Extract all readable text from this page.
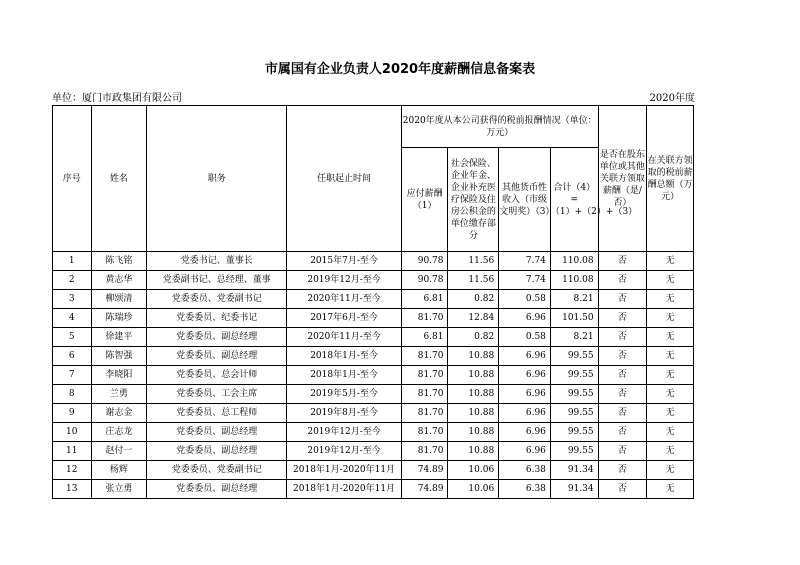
市属国有企业负责人2020年度薪酬信息备案表
单位：厦门市政集团有限公司	2020年度
序号	姓名	职务	任职起止时间	2020年度从本公司获得的税前报酬情况（单位：万元）				是否在股东单位或其他关联方领取薪酬（是/否）	在关联方领取的税前薪酬总额（万元）
				应付薪酬（1）	社会保险、企业年金、企业补充医疗保险及住房公积金的单位缴存部分	其他货币性收入（市级文明奖）（3）	合计（4）=（1）+（2）+（3）		
1	陈飞铭	党委书记、董事长	2015年7月-至今	90.78	11.56	7.74	110.08	否	无
2	黄志华	党委副书记、总经理、董事	2019年12月-至今	90.78	11.56	7.74	110.08	否	无
3	柳颂清	党委委员、党委副书记	2020年11月-至今	6.81	0.82	0.58	8.21	否	无
4	陈瑞珍	党委委员、纪委书记	2017年6月-至今	81.70	12.84	6.96	101.50	否	无
5	徐建平	党委委员、副总经理	2020年11月-至今	6.81	0.82	0.58	8.21	否	无
6	陈智强	党委委员、副总经理	2018年1月-至今	81.70	10.88	6.96	99.55	否	无
7	李晓阳	党委委员、总会计师	2018年1月-至今	81.70	10.88	6.96	99.55	否	无
8	兰勇	党委委员、工会主席	2019年5月-至今	81.70	10.88	6.96	99.55	否	无
9	谢志金	党委委员、总工程师	2019年8月-至今	81.70	10.88	6.96	99.55	否	无
10	庄志龙	党委委员、副总经理	2019年12月-至今	81.70	10.88	6.96	99.55	否	无
11	赵付一	党委委员、副总经理	2019年12月-至今	81.70	10.88	6.96	99.55	否	无
12	杨辉	党委委员、党委副书记	2018年1月-2020年11月	74.89	10.06	6.38	91.34	否	无
13	张立勇	党委委员、副总经理	2018年1月-2020年11月	74.89	10.06	6.38	91.34	否	无
